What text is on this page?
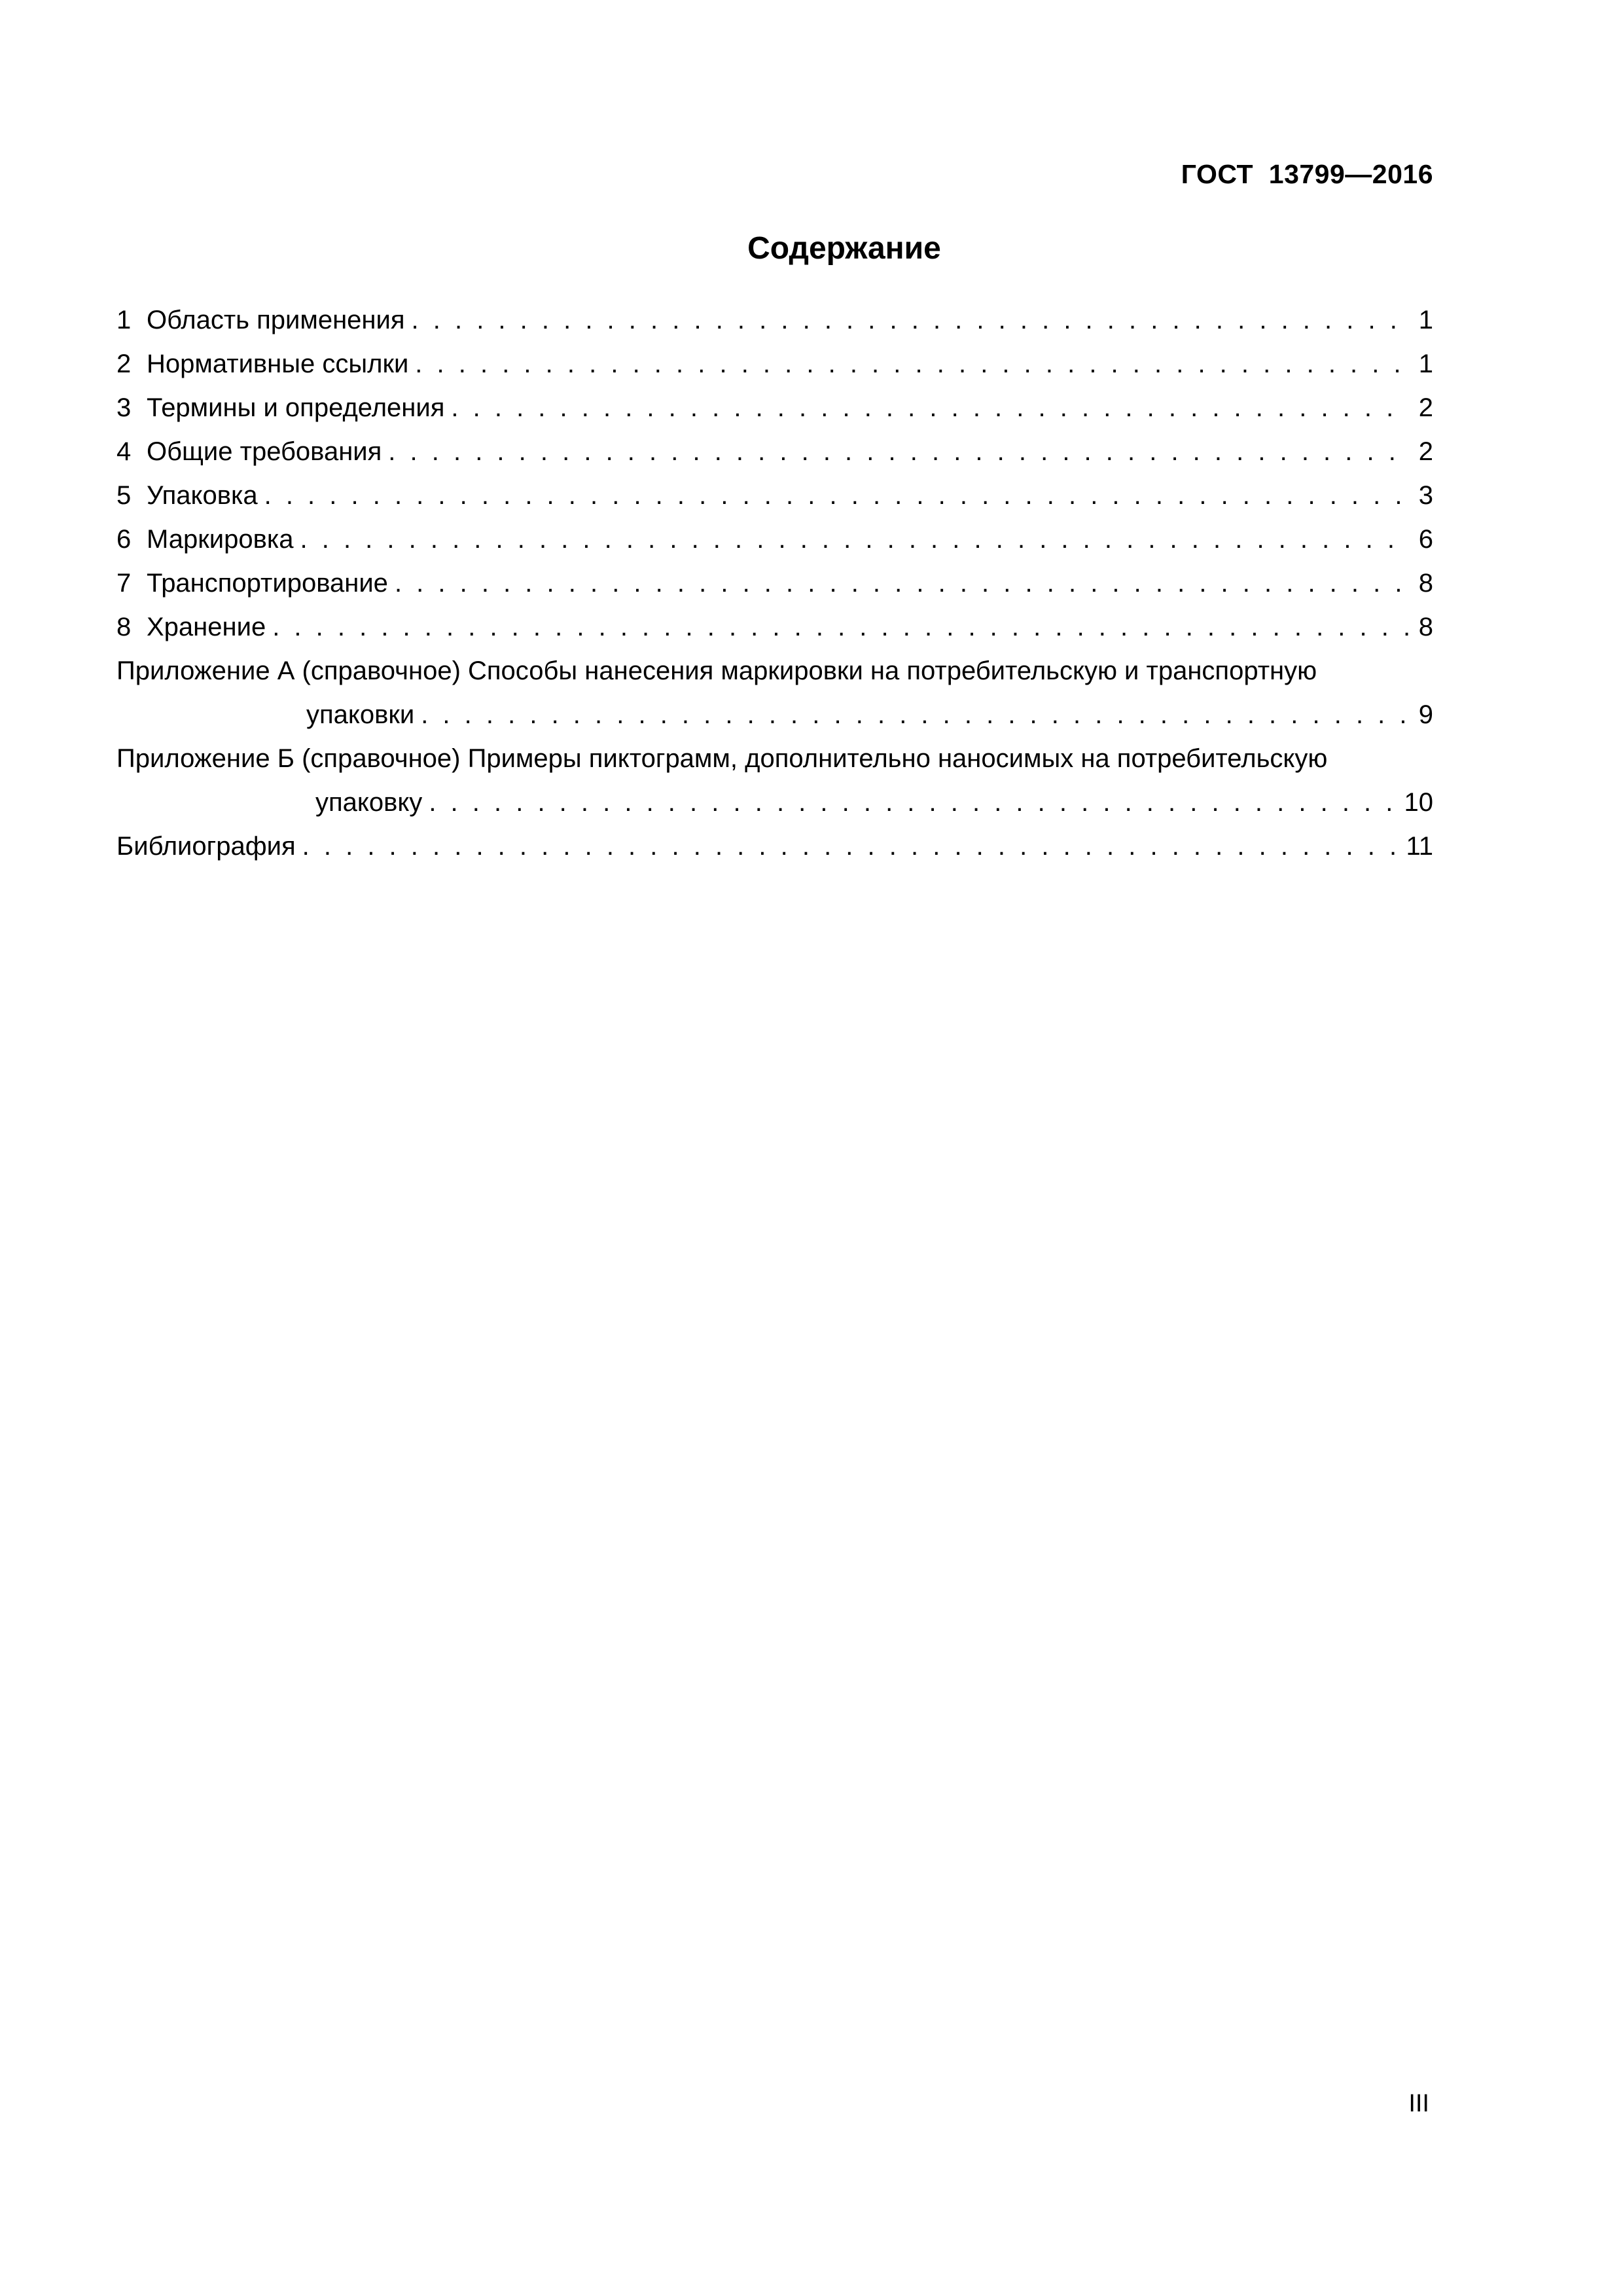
ГОСТ  13799—2016
Содержание
1 Область применения . . .	1
2 Нормативные ссылки . . .	1
3 Термины и определения . . .	2
4 Общие требования . . .	2
5 Упаковка . . .	3
6 Маркировка . . .	6
7 Транспортирование . . .	8
8 Хранение . . .	8
Приложение А (справочное) Способы нанесения маркировки на потребительскую и транспортную
упаковки . . .	9
Приложение Б (справочное) Примеры пиктограмм, дополнительно наносимых на потребительскую
упаковку . . .	10
Библиография . . .	11
III
